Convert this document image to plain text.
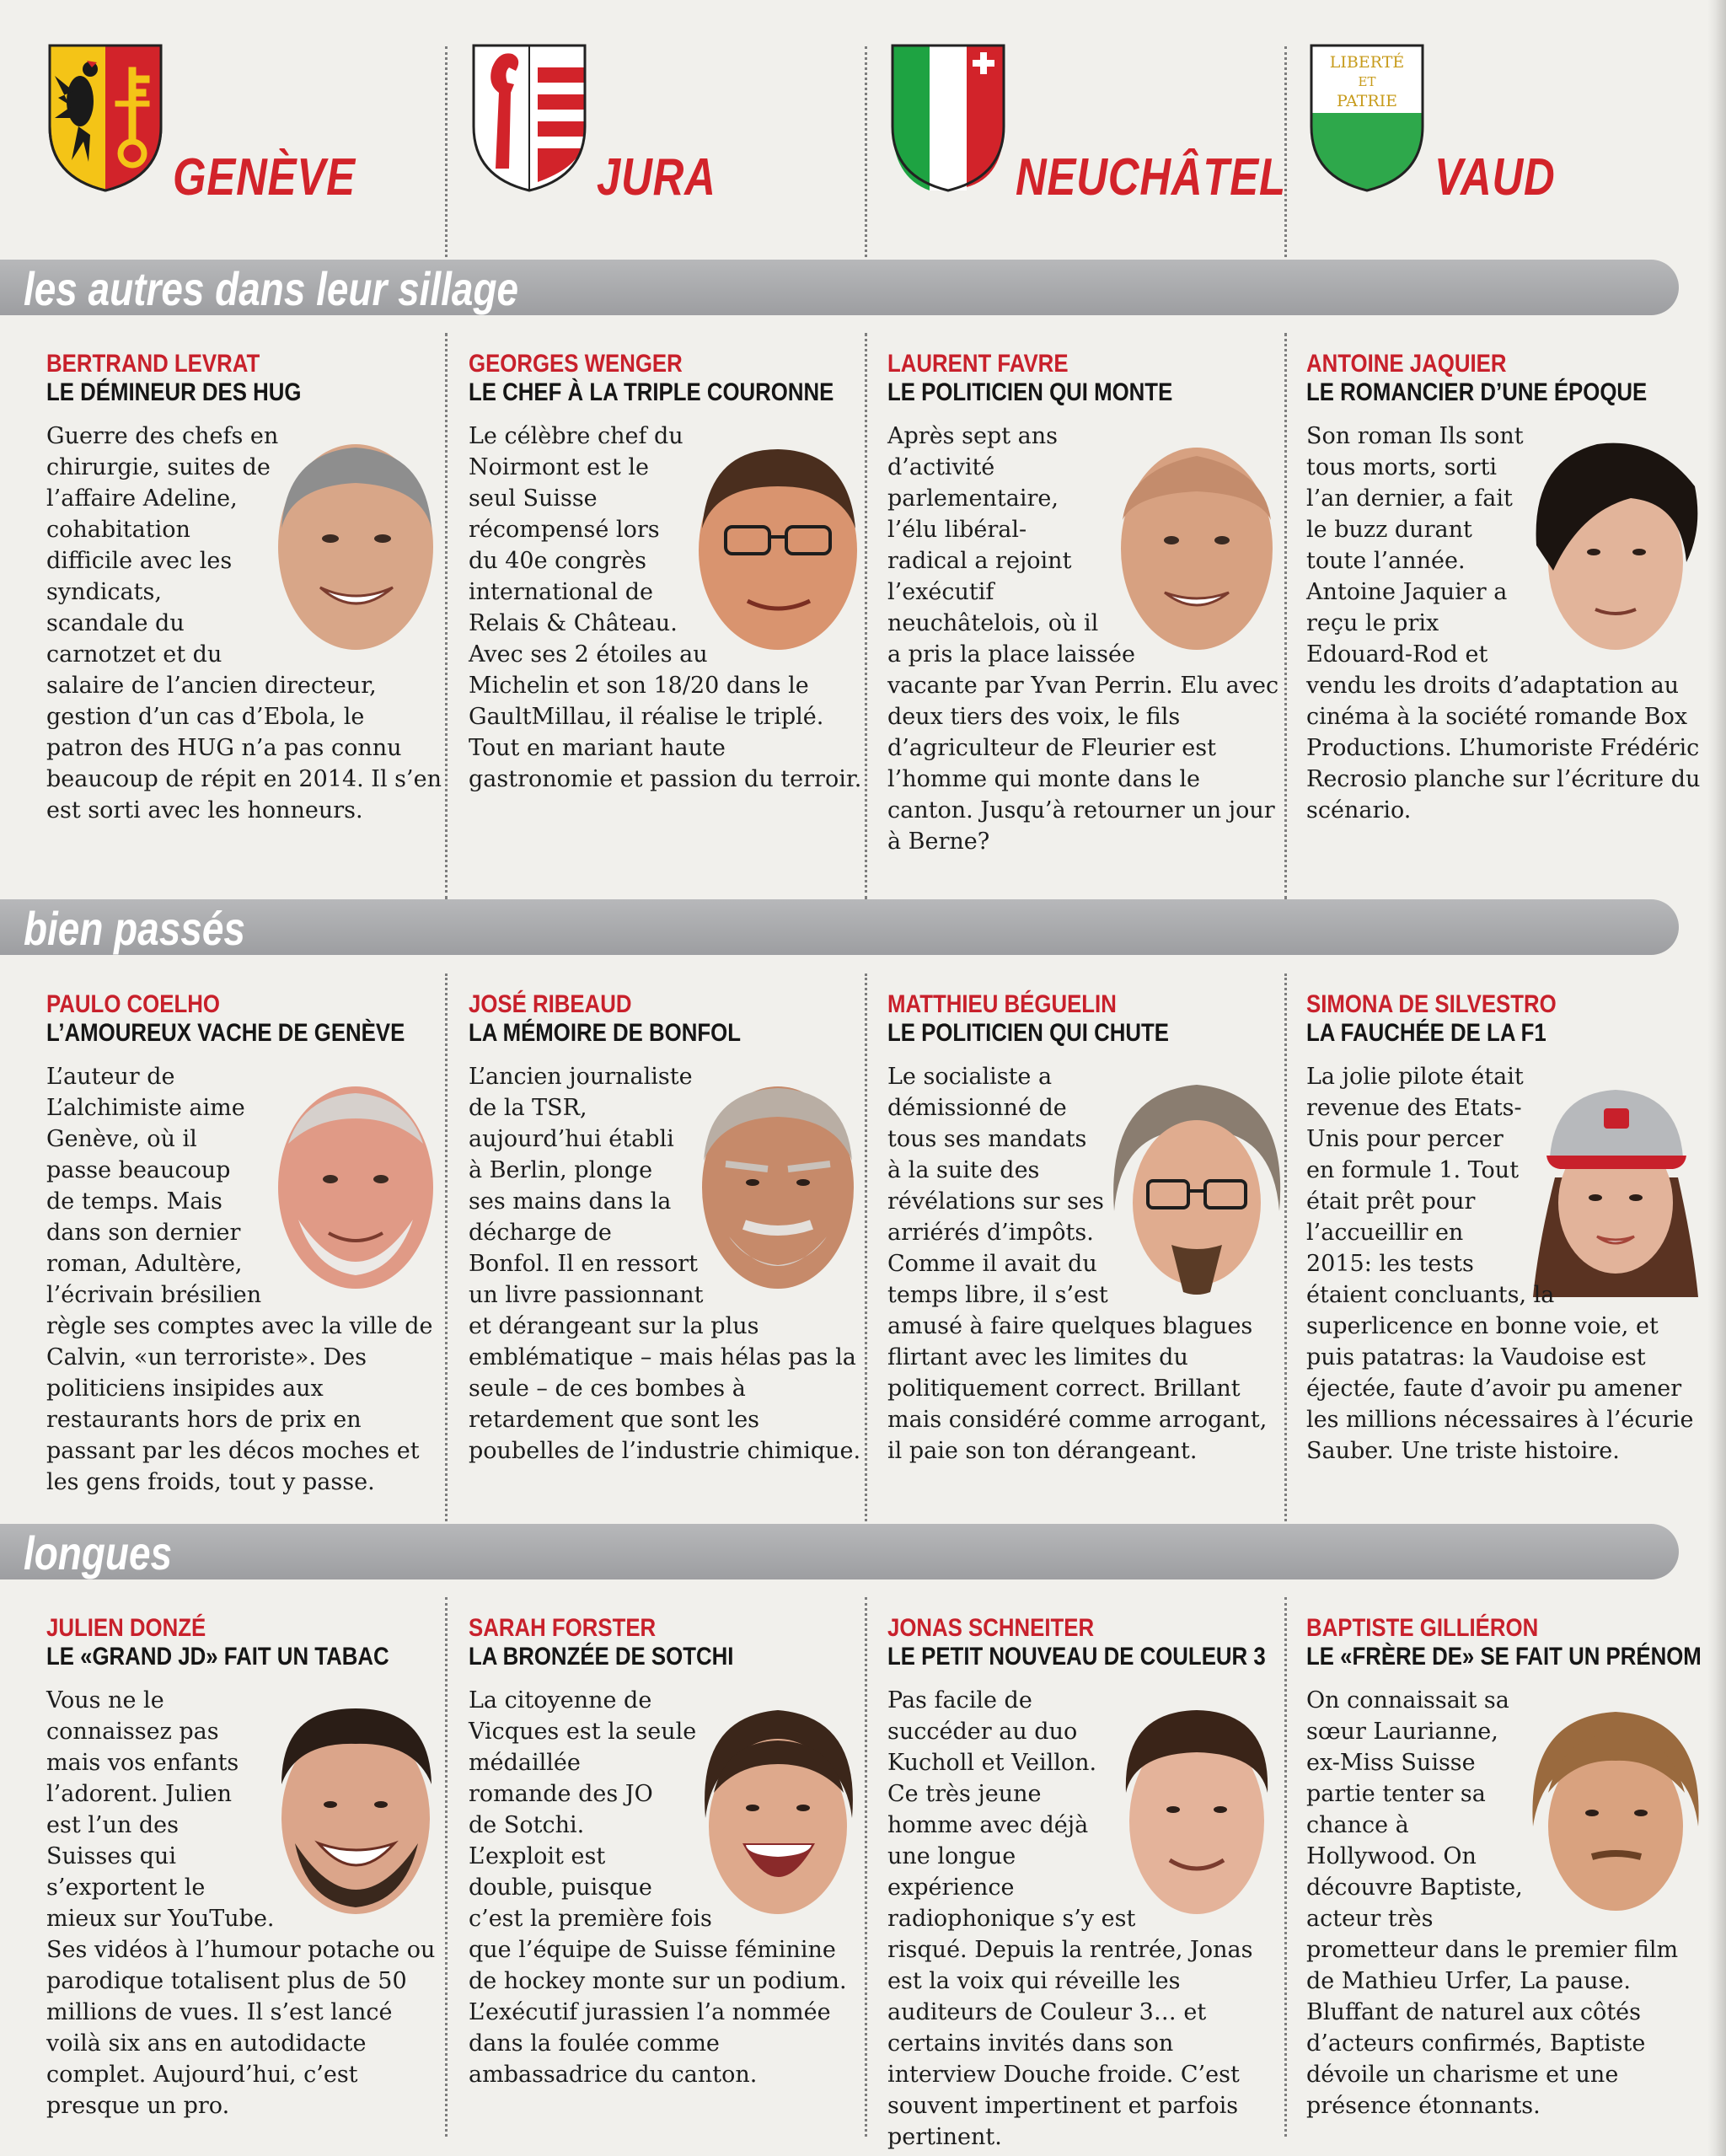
GENÈVE	JURA	NEUCHÂTEL
LIBERTÉ
ET
PATRIE
VAUD
les autres dans leur sillage
BERTRAND LEVRAT
LE DÉMINEUR DES HUG

Guerre des chefs en chirurgie, suites de l’affaire Adeline, cohabitation difficile avec les syndicats, scandale du carnotzet et du salaire de l’ancien directeur, gestion d’un cas d’Ebola, le patron des HUG n’a pas connu beaucoup de répit en 2014. Il s’en est sorti avec les honneurs.

GEORGES WENGER
LE CHEF À LA TRIPLE COURONNE

Le célèbre chef du Noirmont est le seul Suisse récompensé lors du 40e congrès international de Relais & Château. Avec ses 2 étoiles au Michelin et son 18/20 dans le GaultMillau, il réalise le triplé. Tout en mariant haute gastronomie et passion du terroir.

LAURENT FAVRE
LE POLITICIEN QUI MONTE

Après sept ans d’activité parlementaire, l’élu libéral-radical a rejoint l’exécutif neuchâtelois, où il a pris la place laissée vacante par Yvan Perrin. Elu avec deux tiers des voix, le fils d’agriculteur de Fleurier est l’homme qui monte dans le canton. Jusqu’à retourner un jour à Berne?

ANTOINE JAQUIER
LE ROMANCIER D’UNE ÉPOQUE

Son roman Ils sont tous morts, sorti l’an dernier, a fait le buzz durant toute l’année. Antoine Jaquier a reçu le prix Edouard-Rod et vendu les droits d’adaptation au cinéma à la société romande Box Productions. L’humoriste Frédéric Recrosio planche sur l’écriture du scénario.

bien passés
PAULO COELHO
L’AMOUREUX VACHE DE GENÈVE

L’auteur de L’alchimiste aime Genève, où il passe beaucoup de temps. Mais dans son dernier roman, Adultère, l’écrivain brésilien règle ses comptes avec la ville de Calvin, «un terroriste». Des politiciens insipides aux restaurants hors de prix en passant par les décos moches et les gens froids, tout y passe.

JOSÉ RIBEAUD
LA MÉMOIRE DE BONFOL

L’ancien journaliste de la TSR, aujourd’hui établi à Berlin, plonge ses mains dans la décharge de Bonfol. Il en ressort un livre passionnant et dérangeant sur la plus emblématique – mais hélas pas la seule – de ces bombes à retardement que sont les poubelles de l’industrie chimique.

MATTHIEU BÉGUELIN
LE POLITICIEN QUI CHUTE

Le socialiste a démissionné de tous ses mandats à la suite des révélations sur ses arriérés d’impôts. Comme il avait du temps libre, il s’est amusé à faire quelques blagues flirtant avec les limites du politiquement correct. Brillant mais considéré comme arrogant, il paie son ton dérangeant.

SIMONA DE SILVESTRO
LA FAUCHÉE DE LA F1

La jolie pilote était revenue des Etats-Unis pour percer en formule 1. Tout était prêt pour l’accueillir en 2015: les tests étaient concluants, la superlicence en bonne voie, et puis patatras: la Vaudoise est éjectée, faute d’avoir pu amener les millions nécessaires à l’écurie Sauber. Une triste histoire.

longues
JULIEN DONZÉ
LE «GRAND JD» FAIT UN TABAC

Vous ne le connaissez pas mais vos enfants l’adorent. Julien est l’un des Suisses qui s’exportent le mieux sur YouTube. Ses vidéos à l’humour potache ou parodique totalisent plus de 50 millions de vues. Il s’est lancé voilà six ans en autodidacte complet. Aujourd’hui, c’est presque un pro.

SARAH FORSTER
LA BRONZÉE DE SOTCHI

La citoyenne de Vicques est la seule médaillée romande des JO de Sotchi. L’exploit est double, puisque c’est la première fois que l’équipe de Suisse féminine de hockey monte sur un podium. L’exécutif jurassien l’a nommée dans la foulée comme ambassadrice du canton.

JONAS SCHNEITER
LE PETIT NOUVEAU DE COULEUR 3

Pas facile de succéder au duo Kucholl et Veillon. Ce très jeune homme avec déjà une longue expérience radiophonique s’y est risqué. Depuis la rentrée, Jonas est la voix qui réveille les auditeurs de Couleur 3… et certains invités dans son interview Douche froide. C’est souvent impertinent et parfois pertinent.

BAPTISTE GILLIÉRON
LE «FRÈRE DE» SE FAIT UN PRÉNOM

On connaissait sa sœur Laurianne, ex-Miss Suisse partie tenter sa chance à Hollywood. On découvre Baptiste, acteur très prometteur dans le premier film de Mathieu Urfer, La pause. Bluffant de naturel aux côtés d’acteurs confirmés, Baptiste dévoile un charisme et une présence étonnants.
